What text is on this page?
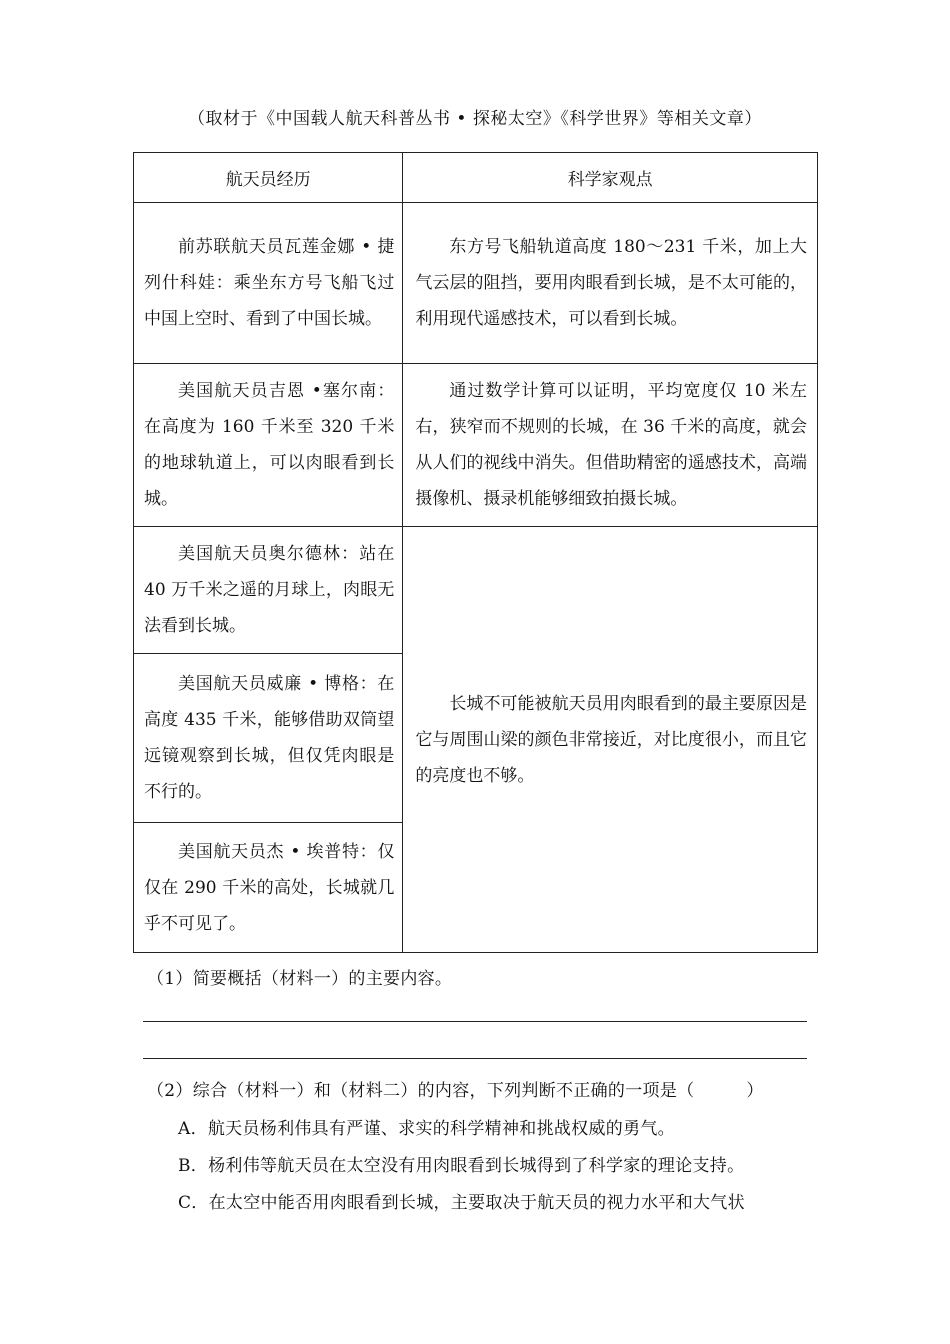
（取材于《中国载人航天科普丛书 • 探秘太空》《科学世界》等相关文章）
航天员经历	科学家观点

前苏联航天员瓦莲金娜 • 捷列什科娃：乘坐东方号飞船飞过中国上空时、看到了中国长城。	东方号飞船轨道高度 180～231 千米，加上大气云层的阻挡，要用肉眼看到长城，是不太可能的，利用现代遥感技术，可以看到长城。

美国航天员吉恩 •塞尔南：在高度为 160 千米至 320 千米的地球轨道上，可以肉眼看到长城。	通过数学计算可以证明，平均宽度仅 10 米左右，狭窄而不规则的长城，在 36 千米的高度，就会从人们的视线中消失。但借助精密的遥感技术，高端摄像机、摄录机能够细致拍摄长城。

美国航天员奥尔德林：站在 40 万千米之遥的月球上，肉眼无法看到长城。	长城不可能被航天员用肉眼看到的最主要原因是它与周围山梁的颜色非常接近，对比度很小，而且它的亮度也不够。

美国航天员威廉 • 博格：在高度 435 千米，能够借助双筒望远镜观察到长城，但仅凭肉眼是不行的。	

美国航天员杰 • 埃普特：仅仅在 290 千米的高处，长城就几乎不可见了。	
（1）简要概括（材料一）的主要内容。
（2）综合（材料一）和（材料二）的内容，下列判断不正确的一项是（　　　）
A．航天员杨利伟具有严谨、求实的科学精神和挑战权威的勇气。
B．杨利伟等航天员在太空没有用肉眼看到长城得到了科学家的理论支持。
C．在太空中能否用肉眼看到长城，主要取决于航天员的视力水平和大气状
